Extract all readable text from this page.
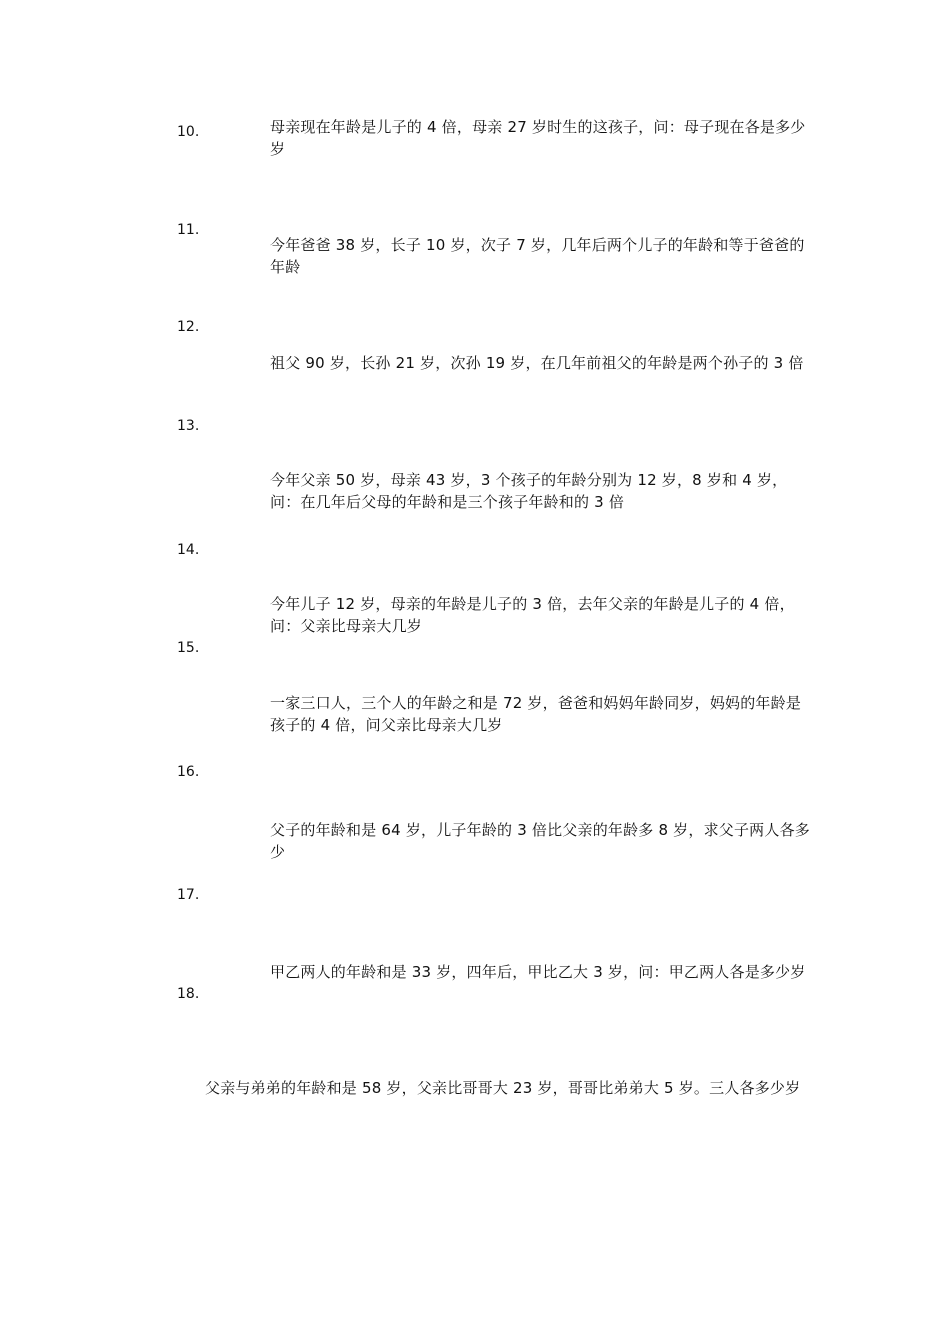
10.	母亲现在年龄是儿子的 4 倍，母亲 27 岁时生的这孩子，问：母子现在各是多少岁
11.
今年爸爸 38 岁，长子 10 岁，次子 7 岁，几年后两个儿子的年龄和等于爸爸的年龄
12.
祖父 90 岁，长孙 21 岁，次孙 19 岁，在几年前祖父的年龄是两个孙子的 3 倍
13.
今年父亲 50 岁，母亲 43 岁，3 个孩子的年龄分别为 12 岁，8 岁和 4 岁，问：在几年后父母的年龄和是三个孩子年龄和的 3 倍
14.
今年儿子 12 岁，母亲的年龄是儿子的 3 倍，去年父亲的年龄是儿子的 4 倍，问：父亲比母亲大几岁
15.
一家三口人，三个人的年龄之和是 72 岁，爸爸和妈妈年龄同岁，妈妈的年龄是孩子的 4 倍，问父亲比母亲大几岁
16.
父子的年龄和是 64 岁，儿子年龄的 3 倍比父亲的年龄多 8 岁，求父子两人各多少
17.
甲乙两人的年龄和是 33 岁，四年后，甲比乙大 3 岁，问：甲乙两人各是多少岁
18.
父亲与弟弟的年龄和是 58 岁，父亲比哥哥大 23 岁，哥哥比弟弟大 5 岁。三人各多少岁
